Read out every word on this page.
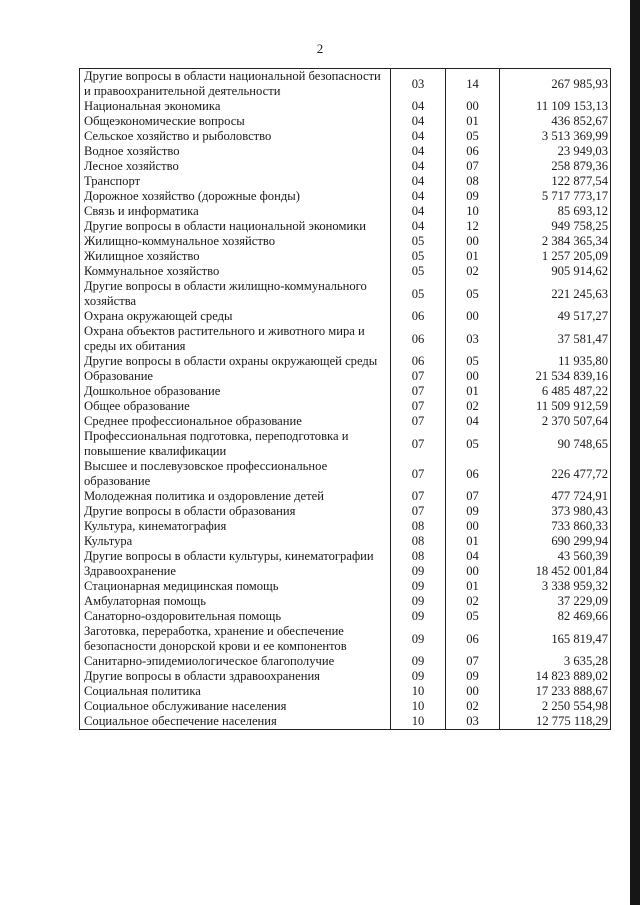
2
Другие вопросы в области национальной безопасности и правоохранительной деятельности	03	14	267 985,93
Национальная экономика	04	00	11 109 153,13
Общеэкономические вопросы	04	01	436 852,67
Сельское хозяйство и рыболовство	04	05	3 513 369,99
Водное хозяйство	04	06	23 949,03
Лесное хозяйство	04	07	258 879,36
Транспорт	04	08	122 877,54
Дорожное хозяйство (дорожные фонды)	04	09	5 717 773,17
Связь и информатика	04	10	85 693,12
Другие вопросы в области национальной экономики	04	12	949 758,25
Жилищно-коммунальное хозяйство	05	00	2 384 365,34
Жилищное хозяйство	05	01	1 257 205,09
Коммунальное хозяйство	05	02	905 914,62
Другие вопросы в области жилищно-коммунального хозяйства	05	05	221 245,63
Охрана окружающей среды	06	00	49 517,27
Охрана объектов растительного и животного мира и среды их обитания	06	03	37 581,47
Другие вопросы в области охраны окружающей среды	06	05	11 935,80
Образование	07	00	21 534 839,16
Дошкольное образование	07	01	6 485 487,22
Общее образование	07	02	11 509 912,59
Среднее профессиональное образование	07	04	2 370 507,64
Профессиональная подготовка, переподготовка и повышение квалификации	07	05	90 748,65
Высшее и послевузовское профессиональное образование	07	06	226 477,72
Молодежная политика и оздоровление детей	07	07	477 724,91
Другие вопросы в области образования	07	09	373 980,43
Культура, кинематография	08	00	733 860,33
Культура	08	01	690 299,94
Другие вопросы в области культуры, кинематографии	08	04	43 560,39
Здравоохранение	09	00	18 452 001,84
Стационарная медицинская помощь	09	01	3 338 959,32
Амбулаторная помощь	09	02	37 229,09
Санаторно-оздоровительная помощь	09	05	82 469,66
Заготовка, переработка, хранение и обеспечение безопасности донорской крови и ее компонентов	09	06	165 819,47
Санитарно-эпидемиологическое благополучие	09	07	3 635,28
Другие вопросы в области здравоохранения	09	09	14 823 889,02
Социальная политика	10	00	17 233 888,67
Социальное обслуживание населения	10	02	2 250 554,98
Социальное обеспечение населения	10	03	12 775 118,29
